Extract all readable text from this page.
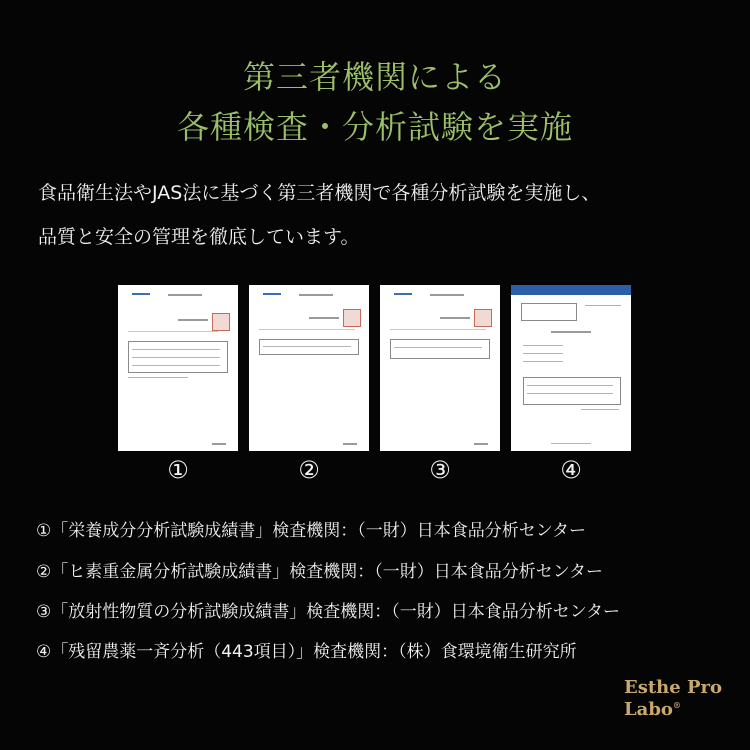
第三者機関による
各種検査・分析試験を実施
食品衛生法やJAS法に基づく第三者機関で各種分析試験を実施し、
品質と安全の管理を徹底しています。
①	②	③	④
①「栄養成分分析試験成績書」検査機関：（一財）日本食品分析センター
②「ヒ素重金属分析試験成績書」検査機関：（一財）日本食品分析センター
③「放射性物質の分析試験成績書」検査機関：（一財）日本食品分析センター
④「残留農薬一斉分析（443項目）」検査機関：（株）食環境衛生研究所
Esthe Pro
Labo®
